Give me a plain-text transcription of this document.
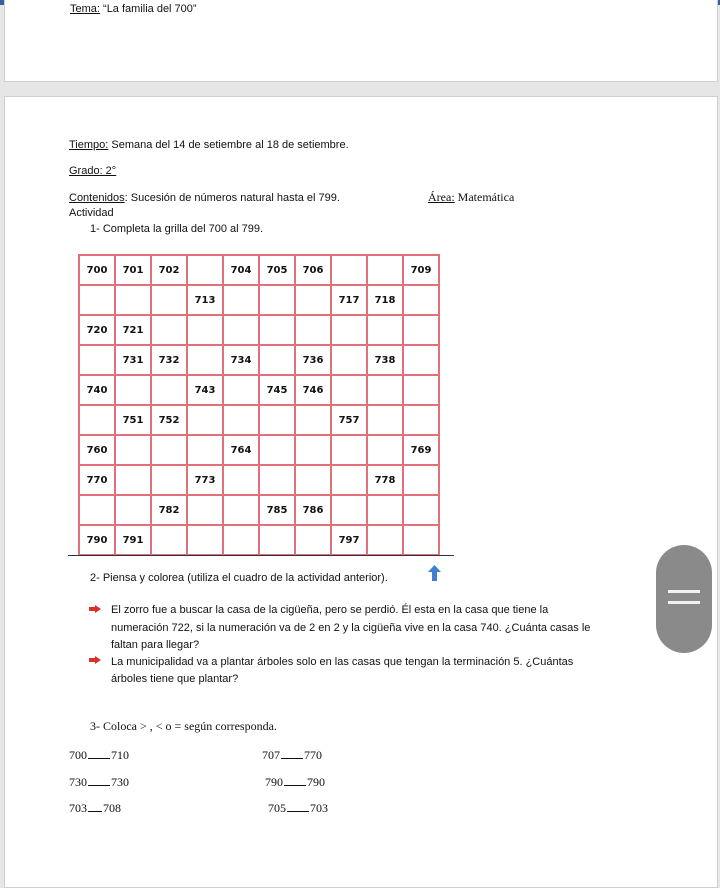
Tema: “La familia del 700”
Tiempo: Semana del 14 de setiembre al 18 de setiembre.
Grado: 2°
Contenidos: Sucesión de números natural hasta el 799.	Área: Matemática
Actividad
1- Completa la grilla del 700 al 799.
700	701	702		704	705	706			709
			713				717	718	
720	721								
	731	732		734		736		738	
740			743		745	746			
	751	752					757		
760				764					769
770			773					778	
		782			785	786			
790	791						797		
2- Piensa y colorea (utiliza el cuadro de la actividad anterior).
El zorro fue a buscar la casa de la cigüeña, pero se perdió. Él esta en la casa que tiene la
numeración 722, si la numeración va de 2 en 2 y la cigüeña vive en la casa 740. ¿Cuánta casas le
faltan para llegar?
La municipalidad va a plantar árboles solo en las casas que tengan la terminación 5. ¿Cuántas
árboles tiene que plantar?
3- Coloca > , < o = según corresponda.
700 710	707 770
730 730	790 790
703 708	705 703
